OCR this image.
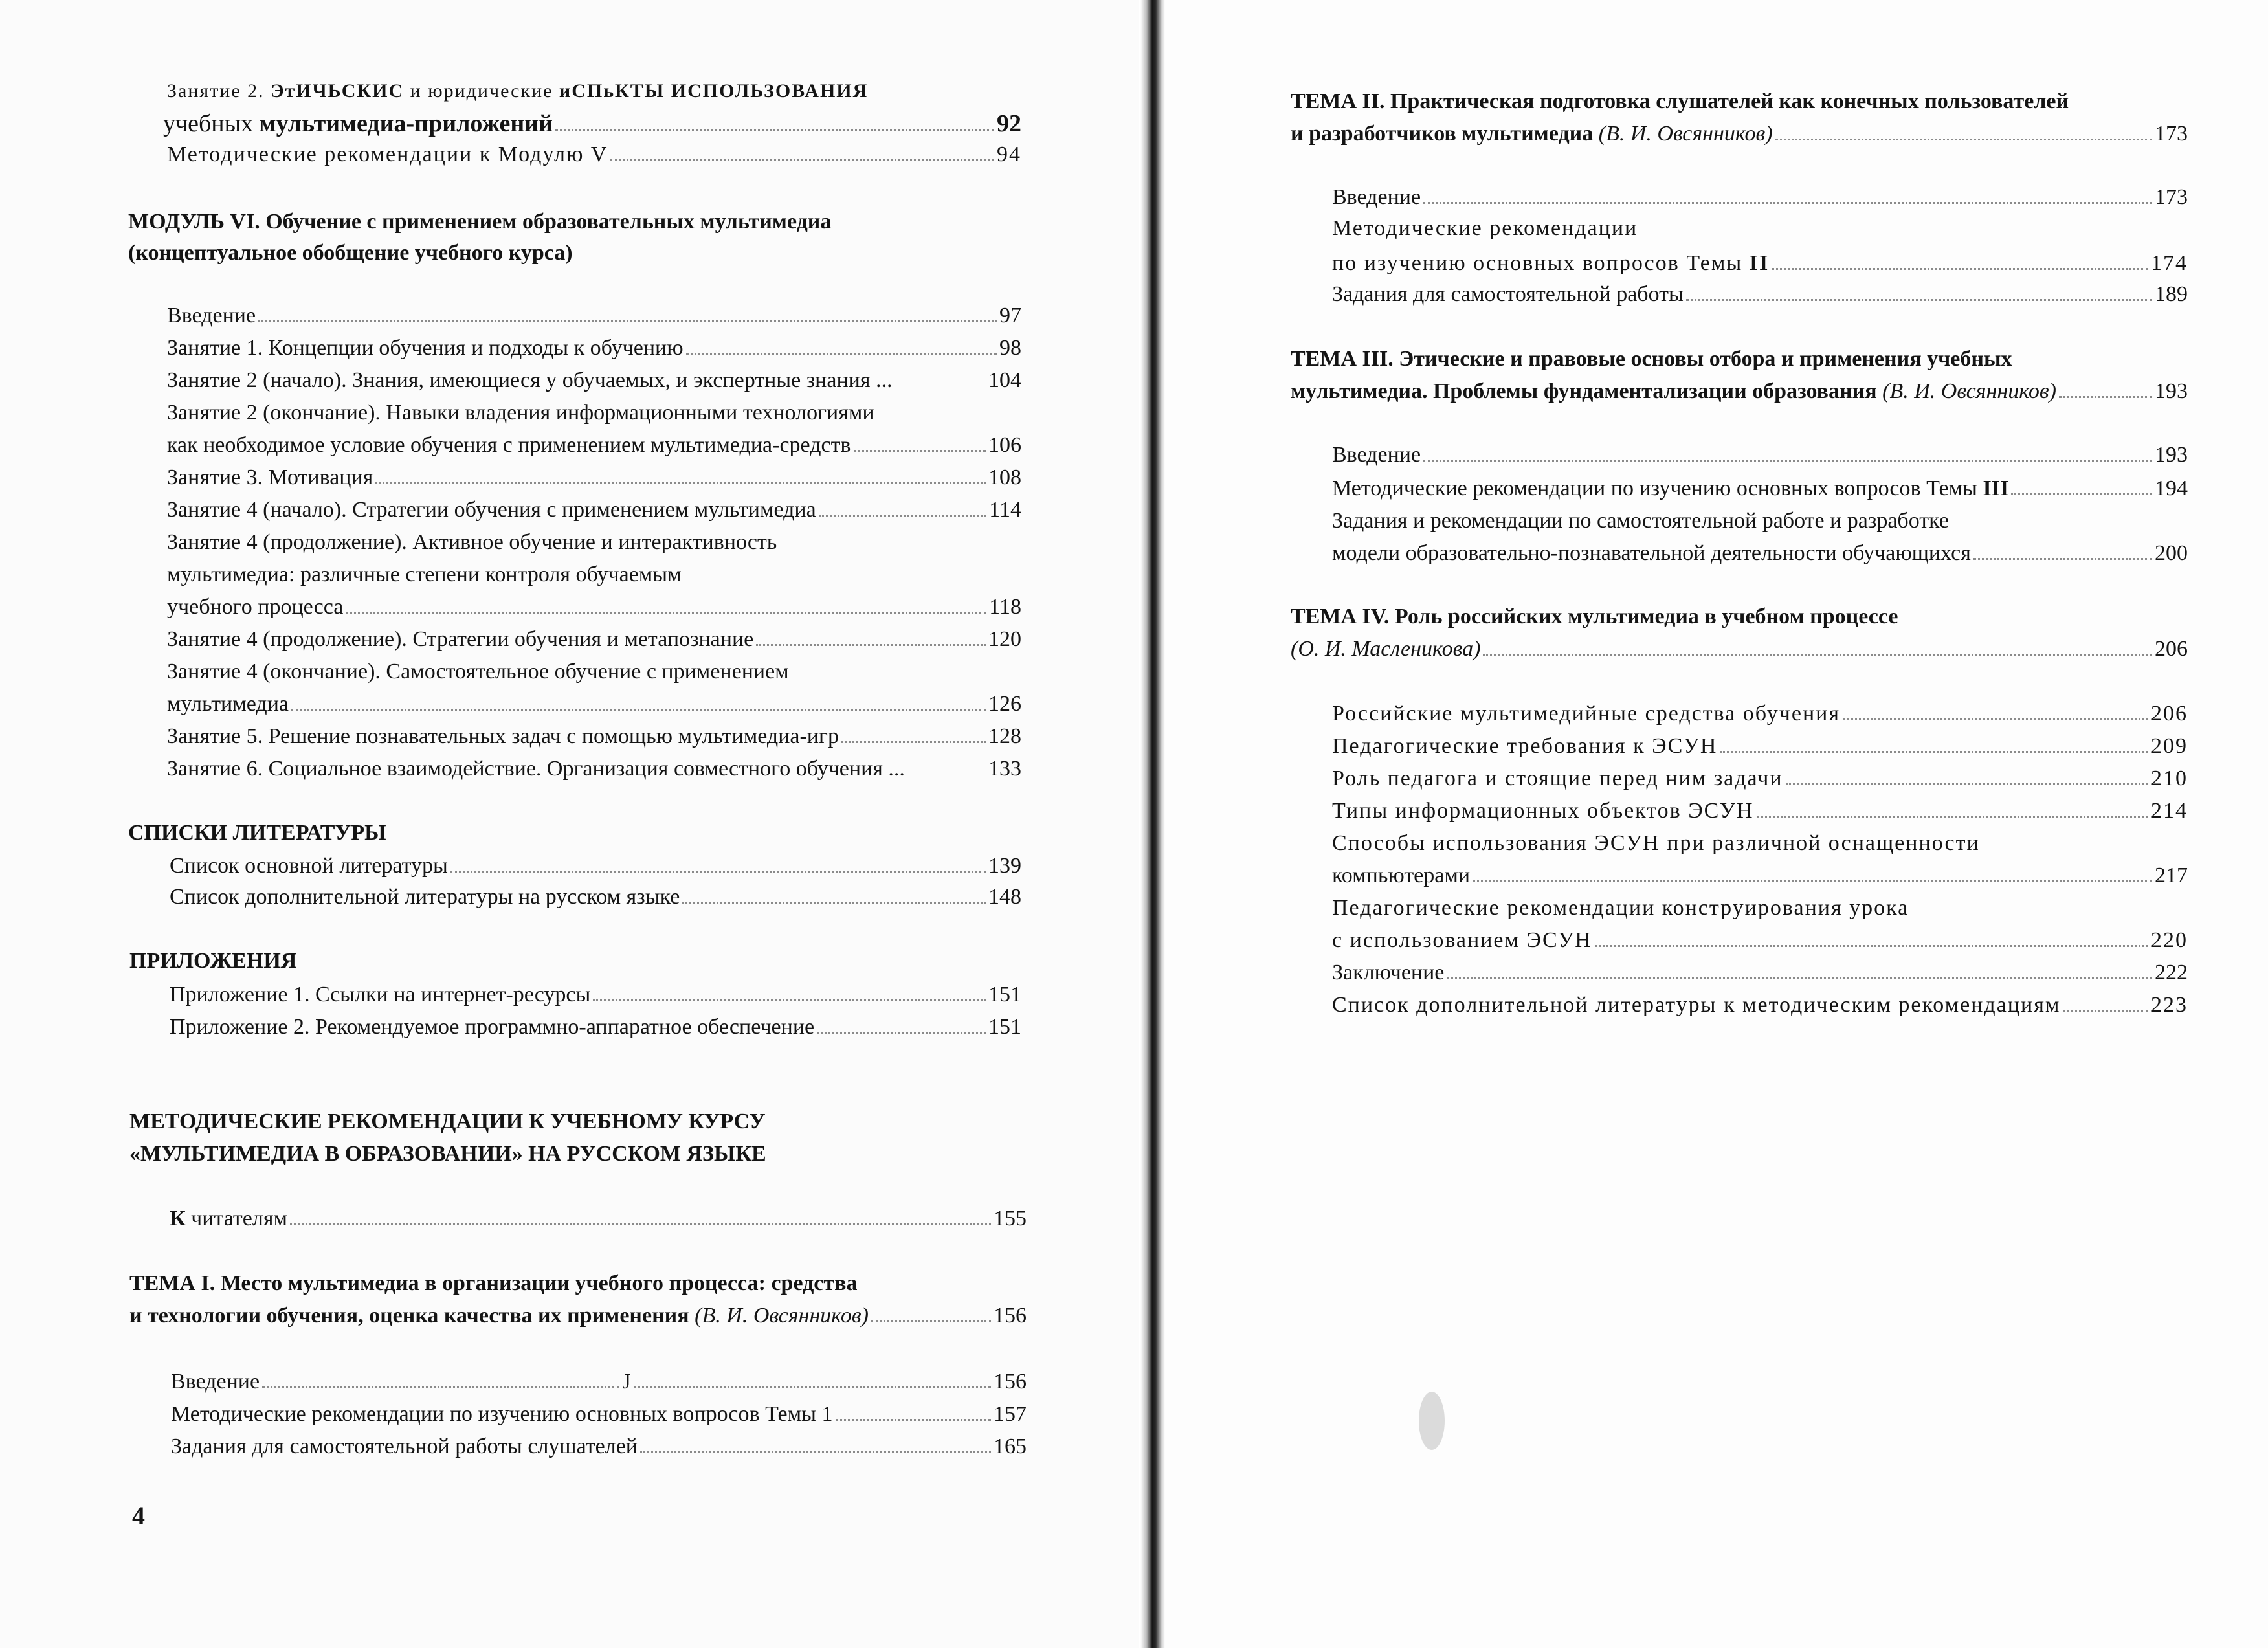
Занятие 2. ЭтИЧЬСКИС и юридические иСПьКТЫ ИСПОЛЬЗОВАНИЯ
учебных мультимедиа-приложений	92
Методические рекомендации к Модулю V	94
МОДУЛЬ VI. Обучение с применением образовательных мультимедиа
(концептуальное обобщение учебного курса)
Введение	97
Занятие 1. Концепции обучения и подходы к обучению	98
Занятие 2 (начало). Знания, имеющиеся у обучаемых, и экспертные знания ...	104
Занятие 2 (окончание). Навыки владения информационными технологиями
как необходимое условие обучения с применением мультимедиа-средств	106
Занятие 3. Мотивация	108
Занятие 4 (начало). Стратегии обучения с применением мультимедиа	114
Занятие 4 (продолжение). Активное обучение и интерактивность
мультимедиа: различные степени контроля обучаемым
учебного процесса	118
Занятие 4 (продолжение). Стратегии обучения и метапознание	120
Занятие 4 (окончание). Самостоятельное обучение с применением
мультимедиа	126
Занятие 5. Решение познавательных задач с помощью мультимедиа-игр	128
Занятие 6. Социальное взаимодействие. Организация совместного обучения ...	133
СПИСКИ ЛИТЕРАТУРЫ
Список основной литературы	139
Список дополнительной литературы на русском языке	148
ПРИЛОЖЕНИЯ
Приложение 1. Ссылки на интернет-ресурсы	151
Приложение 2. Рекомендуемое программно-аппаратное обеспечение	151
МЕТОДИЧЕСКИЕ РЕКОМЕНДАЦИИ К УЧЕБНОМУ КУРСУ
«МУЛЬТИМЕДИА В ОБРАЗОВАНИИ» НА РУССКОМ ЯЗЫКЕ
К читателям	155
ТЕМА I. Место мультимедиа в организации учебного процесса: средства
и технологии обучения, оценка качества их применения (В. И. Овсянников)	156
Введение	J	156
Методические рекомендации по изучению основных вопросов Темы 1	157
Задания для самостоятельной работы слушателей	165
4
ТЕМА II. Практическая подготовка слушателей как конечных пользователей
и разработчиков мультимедиа (В. И. Овсянников)	173
Введение	173
Методические рекомендации
по изучению основных вопросов Темы II	174
Задания для самостоятельной работы	189
ТЕМА III. Этические и правовые основы отбора и применения учебных
мультимедиа. Проблемы фундаментализации образования (В. И. Овсянников)	193
Введение	193
Методические рекомендации по изучению основных вопросов Темы III	194
Задания и рекомендации по самостоятельной работе и разработке
модели образовательно-познавательной деятельности обучающихся	200
ТЕМА IV. Роль российских мультимедиа в учебном процессе
(О. И. Масленикова)	206
Российские мультимедийные средства обучения	206
Педагогические требования к ЭСУН	209
Роль педагога и стоящие перед ним задачи	210
Типы информационных объектов ЭСУН	214
Способы использования ЭСУН при различной оснащенности
компьютерами	217
Педагогические рекомендации конструирования урока
с использованием ЭСУН	220
Заключение	222
Список дополнительной литературы к методическим рекомендациям	223
